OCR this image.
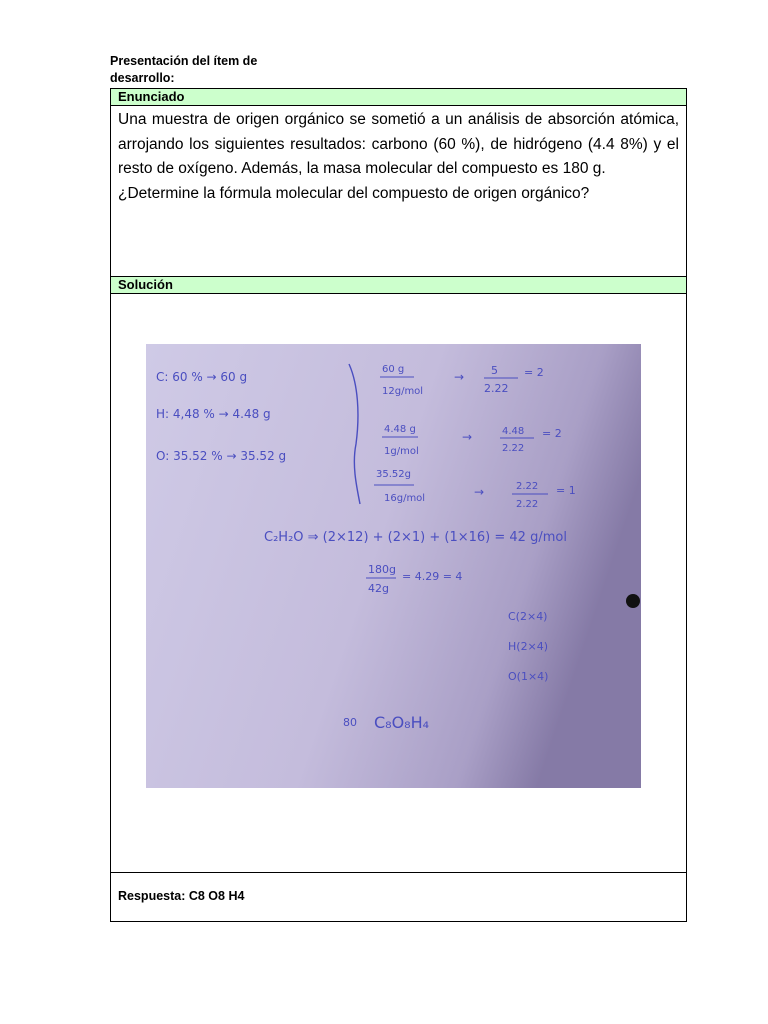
Presentación del ítem de desarrollo:
Enunciado

Una muestra de origen orgánico se sometió a un análisis de absorción atómica, arrojando los siguientes resultados: carbono (60 %), de hidrógeno (4.4 8%) y el resto de oxígeno. Además, la masa molecular del compuesto es 180 g.

¿Determine la fórmula molecular del compuesto de origen orgánico?

Solución
C: 60 % → 60 g
H: 4,48 % → 4.48 g
O: 35.52 % → 35.52 g
60 g
12g/mol
→ 5
2.22
= 2
4.48 g
1g/mol
→	4.48
2.22
= 2
35.52g
16g/mol	→	2.22
2.22
= 1
C₂H₂O ⇒ (2×12) + (2×1) + (1×16) = 42 g/mol
180g
42g
= 4.29 = 4
C(2×4)
H(2×4)
O(1×4)
80 C₈O₈H₄
Respuesta: C8 O8 H4
